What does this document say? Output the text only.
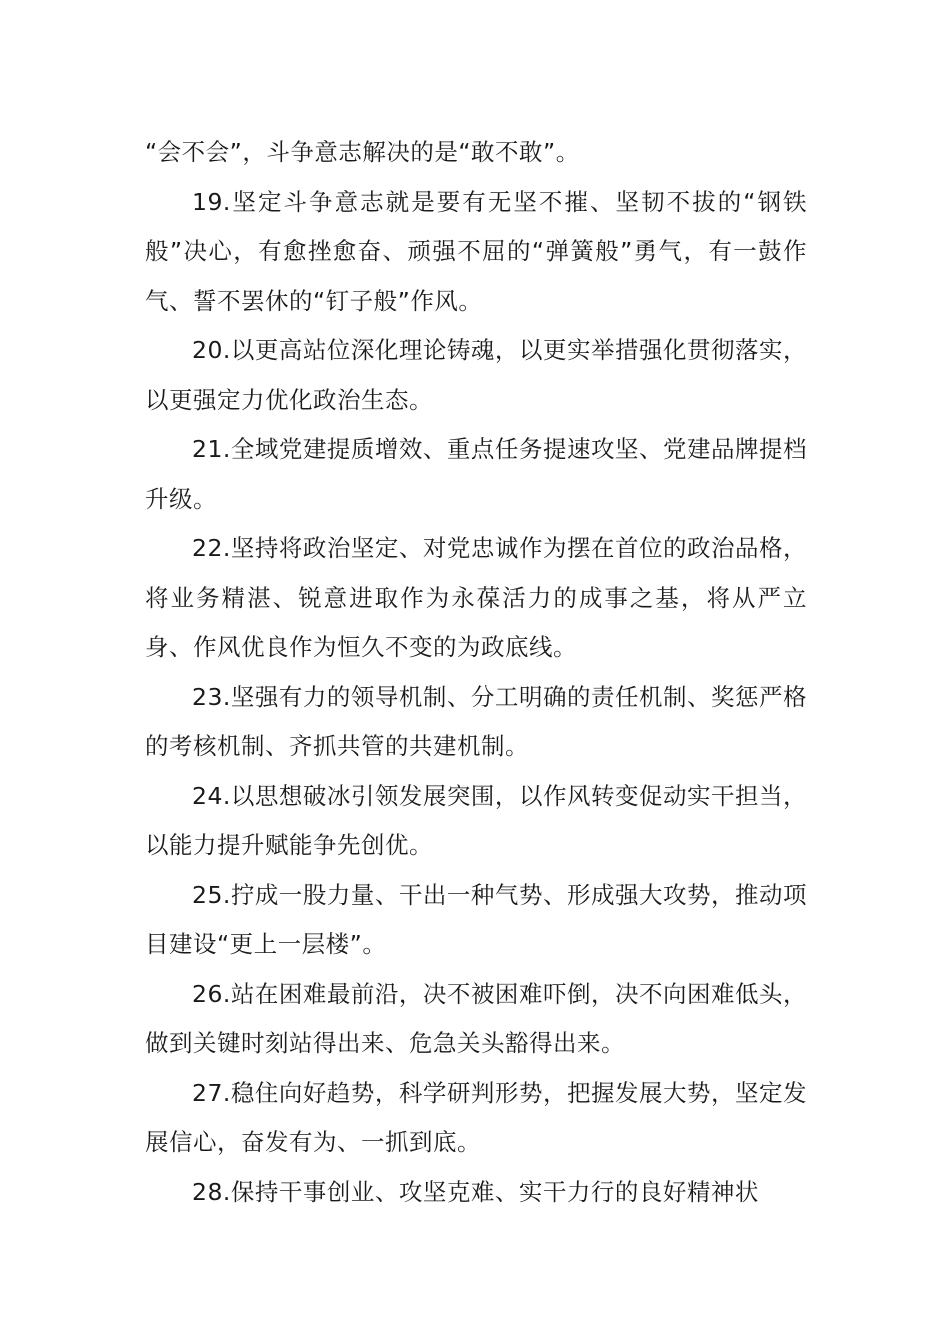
“会不会”，斗争意志解决的是“敢不敢”。

19.坚定斗争意志就是要有无坚不摧、坚韧不拔的“钢铁般”决心，有愈挫愈奋、顽强不屈的“弹簧般”勇气，有一鼓作气、誓不罢休的“钉子般”作风。

20.以更高站位深化理论铸魂，以更实举措强化贯彻落实，以更强定力优化政治生态。

21.全域党建提质增效、重点任务提速攻坚、党建品牌提档升级。

22.坚持将政治坚定、对党忠诚作为摆在首位的政治品格，将业务精湛、锐意进取作为永葆活力的成事之基，将从严立身、作风优良作为恒久不变的为政底线。

23.坚强有力的领导机制、分工明确的责任机制、奖惩严格的考核机制、齐抓共管的共建机制。

24.以思想破冰引领发展突围，以作风转变促动实干担当，以能力提升赋能争先创优。

25.拧成一股力量、干出一种气势、形成强大攻势，推动项目建设“更上一层楼”。

26.站在困难最前沿，决不被困难吓倒，决不向困难低头，做到关键时刻站得出来、危急关头豁得出来。

27.稳住向好趋势，科学研判形势，把握发展大势，坚定发展信心，奋发有为、一抓到底。

28.保持干事创业、攻坚克难、实干力行的良好精神状
